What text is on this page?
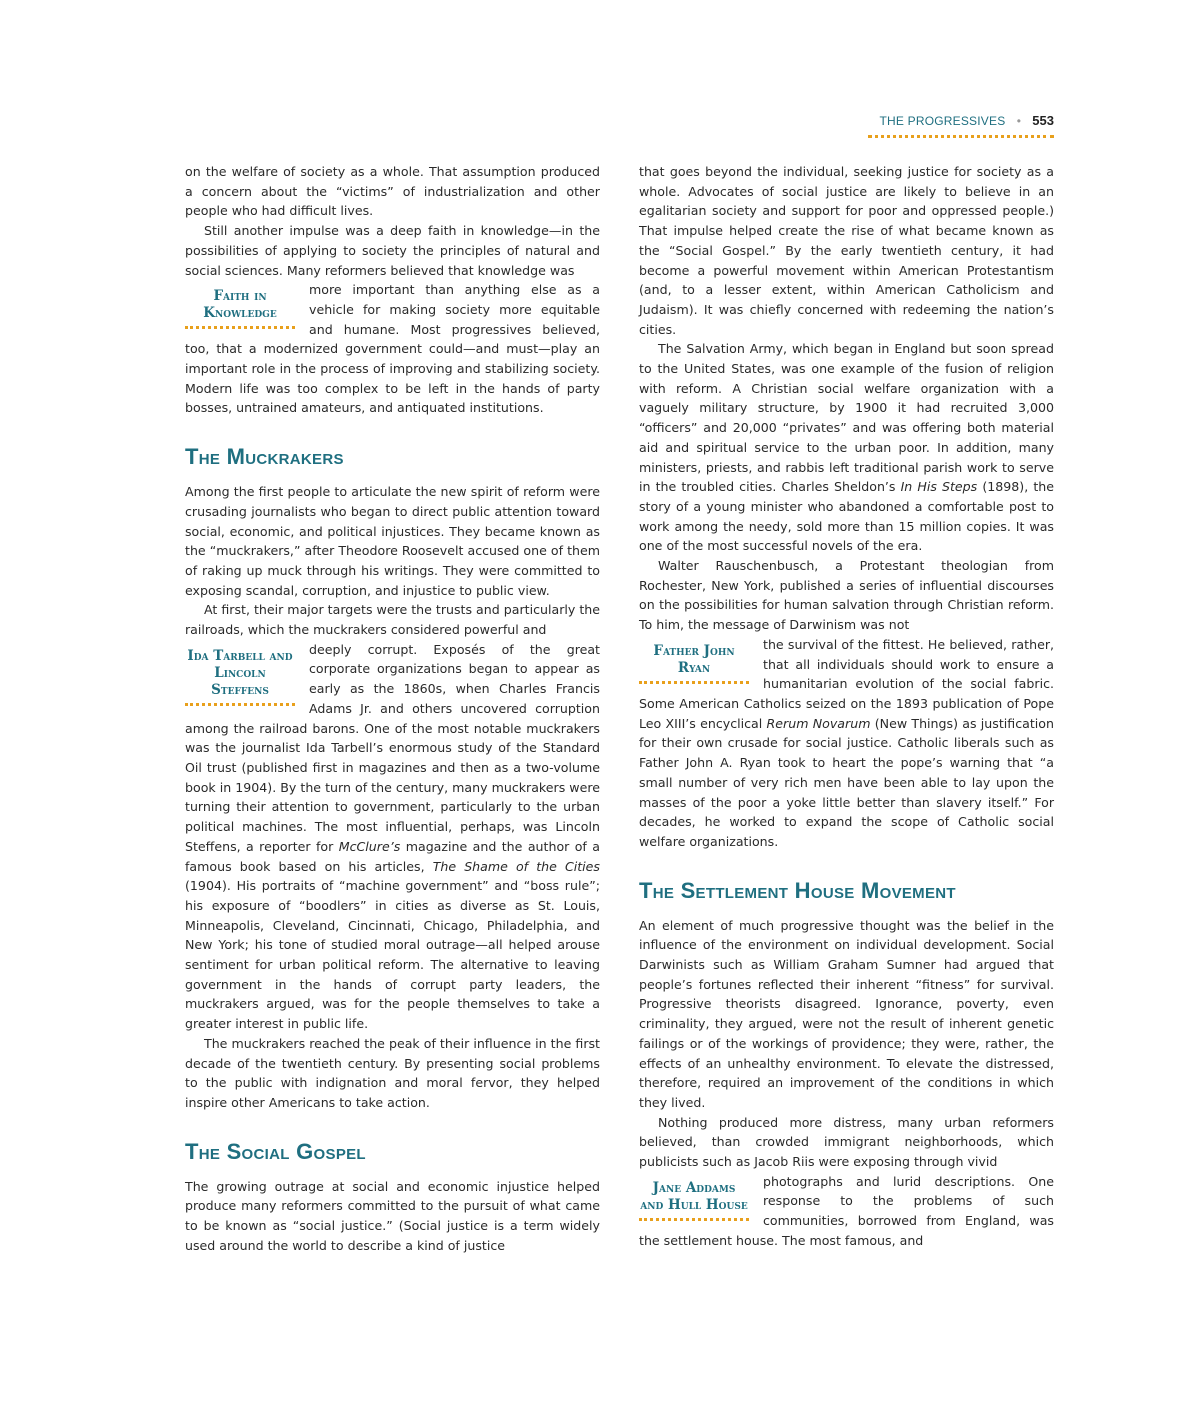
THE PROGRESSIVES • 553

on the welfare of society as a whole. That assumption produced a concern about the “victims” of industrialization and other people who had difficult lives.

Still another impulse was a deep faith in knowledge—in the possibilities of applying to society the principles of natural and social sciences. Many reformers believed that knowledge was

Faith in Knowledge

more important than anything else as a vehicle for making society more equitable and humane. Most progressives believed, too, that a modernized government could—and must—play an important role in the process of improving and stabilizing society. Modern life was too complex to be left in the hands of party bosses, untrained amateurs, and antiquated institutions.

The Muckrakers

Among the first people to articulate the new spirit of reform were crusading journalists who began to direct public attention toward social, economic, and political injustices. They became known as the “muckrakers,” after Theodore Roosevelt accused one of them of raking up muck through his writings. They were committed to exposing scandal, corruption, and injustice to public view.

At first, their major targets were the trusts and particularly the railroads, which the muckrakers considered powerful and

Ida Tarbell and Lincoln Steffens

deeply corrupt. Exposés of the great corporate organizations began to appear as early as the 1860s, when Charles Francis Adams Jr. and others uncovered corruption among the railroad barons. One of the most notable muckrakers was the journalist Ida Tarbell’s enormous study of the Standard Oil trust (published first in magazines and then as a two-volume book in 1904). By the turn of the century, many muckrakers were turning their attention to government, particularly to the urban political machines. The most influential, perhaps, was Lincoln Steffens, a reporter for McClure’s magazine and the author of a famous book based on his articles, The Shame of the Cities (1904). His portraits of “machine government” and “boss rule”; his exposure of “boodlers” in cities as diverse as St. Louis, Minneapolis, Cleveland, Cincinnati, Chicago, Philadelphia, and New York; his tone of studied moral outrage—all helped arouse sentiment for urban political reform. The alternative to leaving government in the hands of corrupt party leaders, the muckrakers argued, was for the people themselves to take a greater interest in public life.

The muckrakers reached the peak of their influence in the first decade of the twentieth century. By presenting social problems to the public with indignation and moral fervor, they helped inspire other Americans to take action.

The Social Gospel

The growing outrage at social and economic injustice helped produce many reformers committed to the pursuit of what came to be known as “social justice.” (Social justice is a term widely used around the world to describe a kind of justice

that goes beyond the individual, seeking justice for society as a whole. Advocates of social justice are likely to believe in an egalitarian society and support for poor and oppressed people.) That impulse helped create the rise of what became known as the “Social Gospel.” By the early twentieth century, it had become a powerful movement within American Protestantism (and, to a lesser extent, within American Catholicism and Judaism). It was chiefly concerned with redeeming the nation’s cities.

The Salvation Army, which began in England but soon spread to the United States, was one example of the fusion of religion with reform. A Christian social welfare organization with a vaguely military structure, by 1900 it had recruited 3,000 “officers” and 20,000 “privates” and was offering both material aid and spiritual service to the urban poor. In addition, many ministers, priests, and rabbis left traditional parish work to serve in the troubled cities. Charles Sheldon’s In His Steps (1898), the story of a young minister who abandoned a comfortable post to work among the needy, sold more than 15 million copies. It was one of the most successful novels of the era.

Walter Rauschenbusch, a Protestant theologian from Rochester, New York, published a series of influential discourses on the possibilities for human salvation through Christian reform. To him, the message of Darwinism was not

Father John Ryan

the survival of the fittest. He believed, rather, that all individuals should work to ensure a humanitarian evolution of the social fabric. Some American Catholics seized on the 1893 publication of Pope Leo XIII’s encyclical Rerum Novarum (New Things) as justification for their own crusade for social justice. Catholic liberals such as Father John A. Ryan took to heart the pope’s warning that “a small number of very rich men have been able to lay upon the masses of the poor a yoke little better than slavery itself.” For decades, he worked to expand the scope of Catholic social welfare organizations.

The Settlement House Movement

An element of much progressive thought was the belief in the influence of the environment on individual development. Social Darwinists such as William Graham Sumner had argued that people’s fortunes reflected their inherent “fitness” for survival. Progressive theorists disagreed. Ignorance, poverty, even criminality, they argued, were not the result of inherent genetic failings or of the workings of providence; they were, rather, the effects of an unhealthy environment. To elevate the distressed, therefore, required an improvement of the conditions in which they lived.

Nothing produced more distress, many urban reformers believed, than crowded immigrant neighborhoods, which publicists such as Jacob Riis were exposing through vivid

Jane Addams and Hull House

photographs and lurid descriptions. One response to the problems of such communities, borrowed from England, was the settlement house. The most famous, and
